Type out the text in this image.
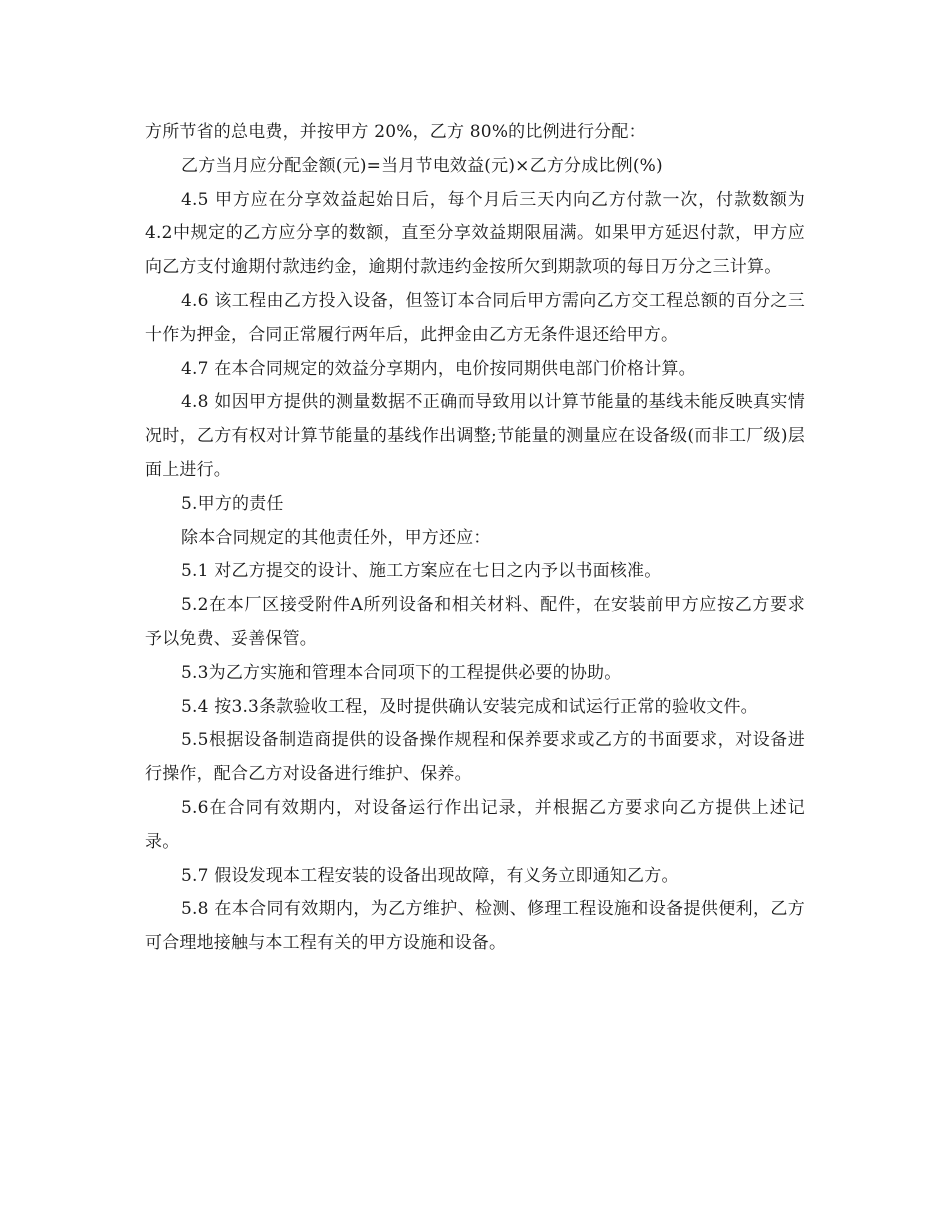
方所节省的总电费，并按甲方 20%，乙方 80%的比例进行分配：

乙方当月应分配金额(元)=当月节电效益(元)×乙方分成比例(%)

4.5 甲方应在分享效益起始日后，每个月后三天内向乙方付款一次，付款数额为4.2中规定的乙方应分享的数额，直至分享效益期限届满。如果甲方延迟付款，甲方应向乙方支付逾期付款违约金，逾期付款违约金按所欠到期款项的每日万分之三计算。

4.6 该工程由乙方投入设备，但签订本合同后甲方需向乙方交工程总额的百分之三十作为押金，合同正常履行两年后，此押金由乙方无条件退还给甲方。

4.7 在本合同规定的效益分享期内，电价按同期供电部门价格计算。

4.8 如因甲方提供的测量数据不正确而导致用以计算节能量的基线未能反映真实情况时，乙方有权对计算节能量的基线作出调整;节能量的测量应在设备级(而非工厂级)层面上进行。

5.甲方的责任

除本合同规定的其他责任外，甲方还应：

5.1 对乙方提交的设计、施工方案应在七日之内予以书面核准。

5.2在本厂区接受附件A所列设备和相关材料、配件，在安装前甲方应按乙方要求予以免费、妥善保管。

5.3为乙方实施和管理本合同项下的工程提供必要的协助。

5.4 按3.3条款验收工程，及时提供确认安装完成和试运行正常的验收文件。

5.5根据设备制造商提供的设备操作规程和保养要求或乙方的书面要求，对设备进行操作，配合乙方对设备进行维护、保养。

5.6在合同有效期内，对设备运行作出记录，并根据乙方要求向乙方提供上述记录。

5.7 假设发现本工程安装的设备出现故障，有义务立即通知乙方。

5.8 在本合同有效期内，为乙方维护、检测、修理工程设施和设备提供便利，乙方可合理地接触与本工程有关的甲方设施和设备。
